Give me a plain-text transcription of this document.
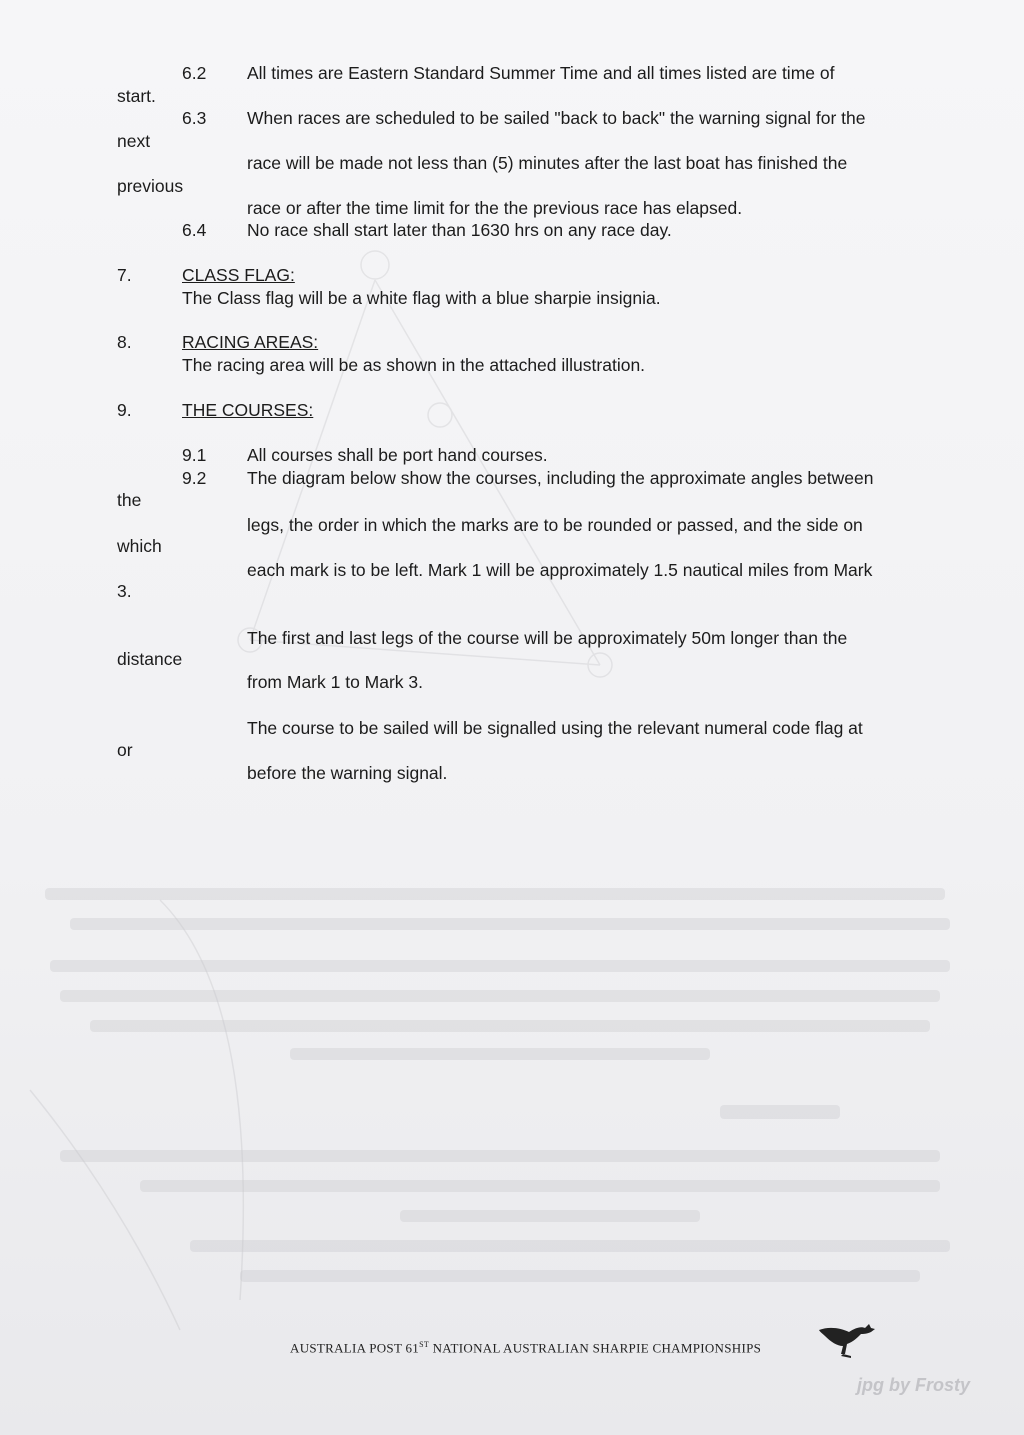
6.2 All times are Eastern Standard Summer Time and all times listed are time of
start.
6.3 When races are scheduled to be sailed "back to back" the warning signal for the
next
race will be made not less than (5) minutes after the last boat has finished the
previous
race or after the time limit for the the previous race has elapsed.
6.4 No race shall start later than 1630 hrs on any race day.
7.	CLASS FLAG:
The Class flag will be a white flag with a blue sharpie insignia.
8.	RACING AREAS:
The racing area will be as shown in the attached illustration.
9.	THE COURSES:
9.1 All courses shall be port hand courses.
9.2 The diagram below show the courses, including the approximate angles between
the
legs, the order in which the marks are to be rounded or passed, and the side on
which
each mark is to be left. Mark 1 will be approximately 1.5 nautical miles from Mark
3.
The first and last legs of the course will be approximately 50m longer than the
distance
from Mark 1 to Mark 3.
The course to be sailed will be signalled using the relevant numeral code flag at
or
before the warning signal.
AUSTRALIA POST 61ST NATIONAL AUSTRALIAN SHARPIE CHAMPIONSHIPS
jpg by Frosty
